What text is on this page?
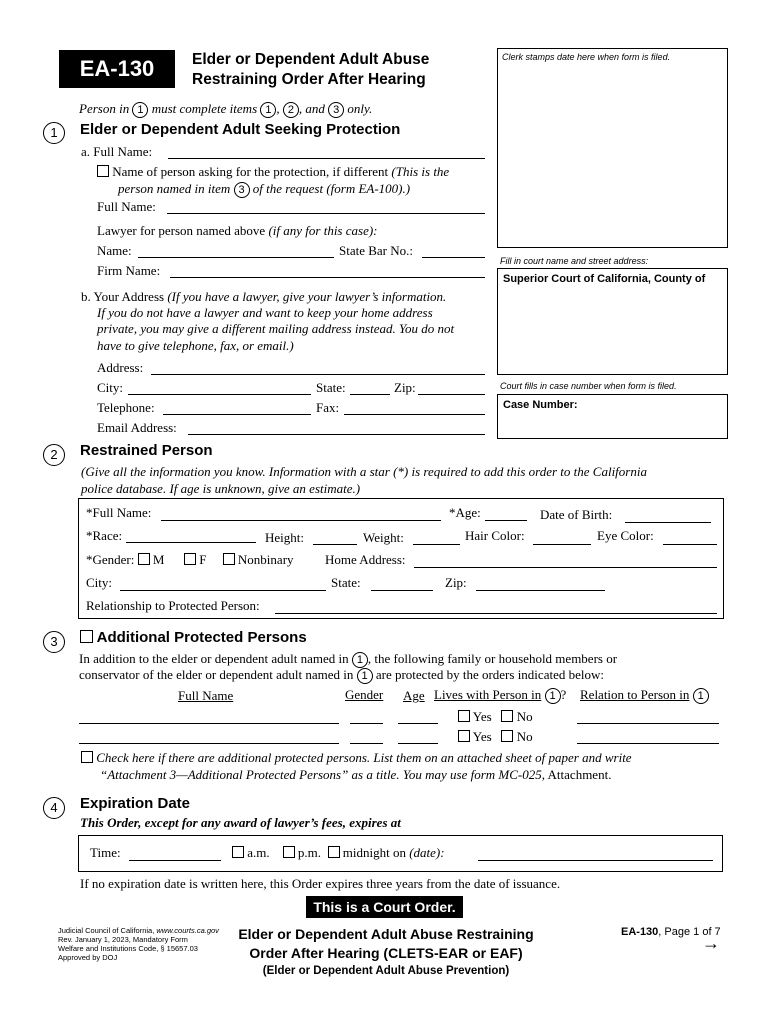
EA-130	Elder or Dependent Adult Abuse
Restraining Order After Hearing
Clerk stamps date here when form is filed.
Fill in court name and street address:
Superior Court of California, County of
Court fills in case number when form is filed.
Case Number:
Person in 1 must complete items 1 , 2 , and 3 only.
1	Elder or Dependent Adult Seeking Protection
a. Full Name:
Name of person asking for the protection, if different (This is the
person named in item 3 of the request (form EA-100).)
Full Name:
Lawyer for person named above (if any for this case):
Name:	State Bar No.:
Firm Name:
b. Your Address (If you have a lawyer, give your lawyer’s information.
If you do not have a lawyer and want to keep your home address
private, you may give a different mailing address instead. You do not
have to give telephone, fax, or email.)
Address:
City:	State:	Zip:
Telephone:	Fax:
Email Address:
2	Restrained Person
(Give all the information you know. Information with a star (*) is required to add this order to the California
police database. If age is unknown, give an estimate.)
*Full Name:	*Age:	Date of Birth:
*Race:	Height:	Weight:	Hair Color:	Eye Color:
*Gender: M	F Nonbinary Home Address:
City:	State:	Zip:
Relationship to Protected Person:
3	Additional Protected Persons
In addition to the elder or dependent adult named in 1 , the following family or household members or
conservator of the elder or dependent adult named in 1 are protected by the orders indicated below:
Full Name	Gender Age Lives with Person in 1 ? Relation to Person in 1
Yes No
Yes No
Check here if there are additional protected persons. List them on an attached sheet of paper and write
“Attachment 3—Additional Protected Persons” as a title. You may use form MC-025, Attachment.
4	Expiration Date
This Order, except for any award of lawyer’s fees, expires at
Time:	a.m. p.m. midnight on (date):
If no expiration date is written here, this Order expires three years from the date of issuance.
This is a Court Order.
Judicial Council of California, www.courts.ca.gov
Rev. January 1, 2023, Mandatory Form
Welfare and Institutions Code, § 15657.03
Approved by DOJ
Elder or Dependent Adult Abuse Restraining
Order After Hearing (CLETS-EAR or EAF)
(Elder or Dependent Adult Abuse Prevention)
EA-130, Page 1 of 7
→
